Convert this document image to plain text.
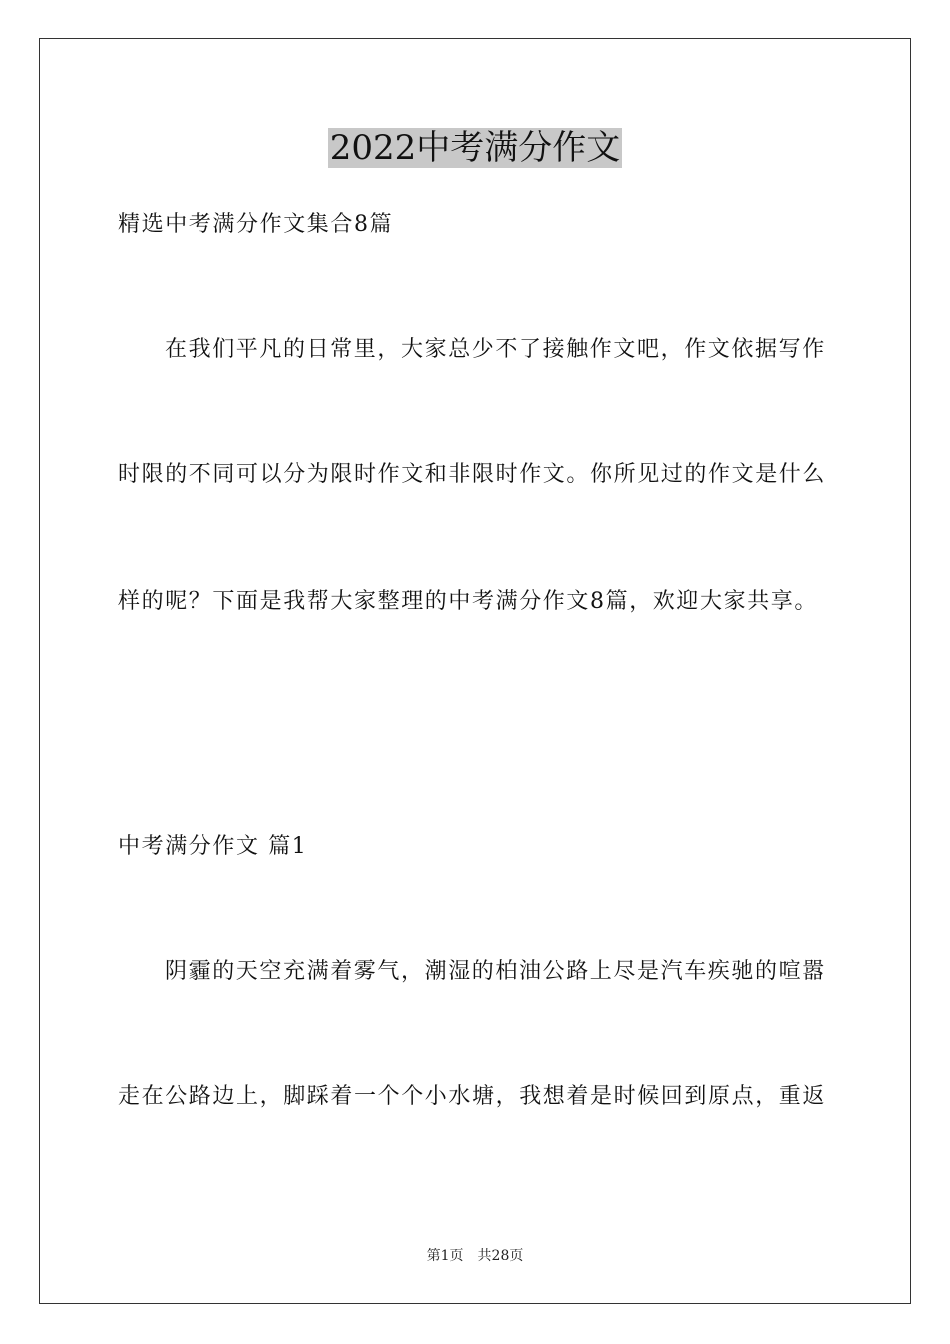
2022中考满分作文

精选中考满分作文集合8篇

在我们平凡的日常里，大家总少不了接触作文吧，作文依据写作

时限的不同可以分为限时作文和非限时作文。你所见过的作文是什么

样的呢？下面是我帮大家整理的中考满分作文8篇，欢迎大家共享。

中考满分作文 篇1

阴霾的天空充满着雾气，潮湿的柏油公路上尽是汽车疾驰的喧嚣

走在公路边上，脚踩着一个个小水塘，我想着是时候回到原点，重返

第1页 共28页
